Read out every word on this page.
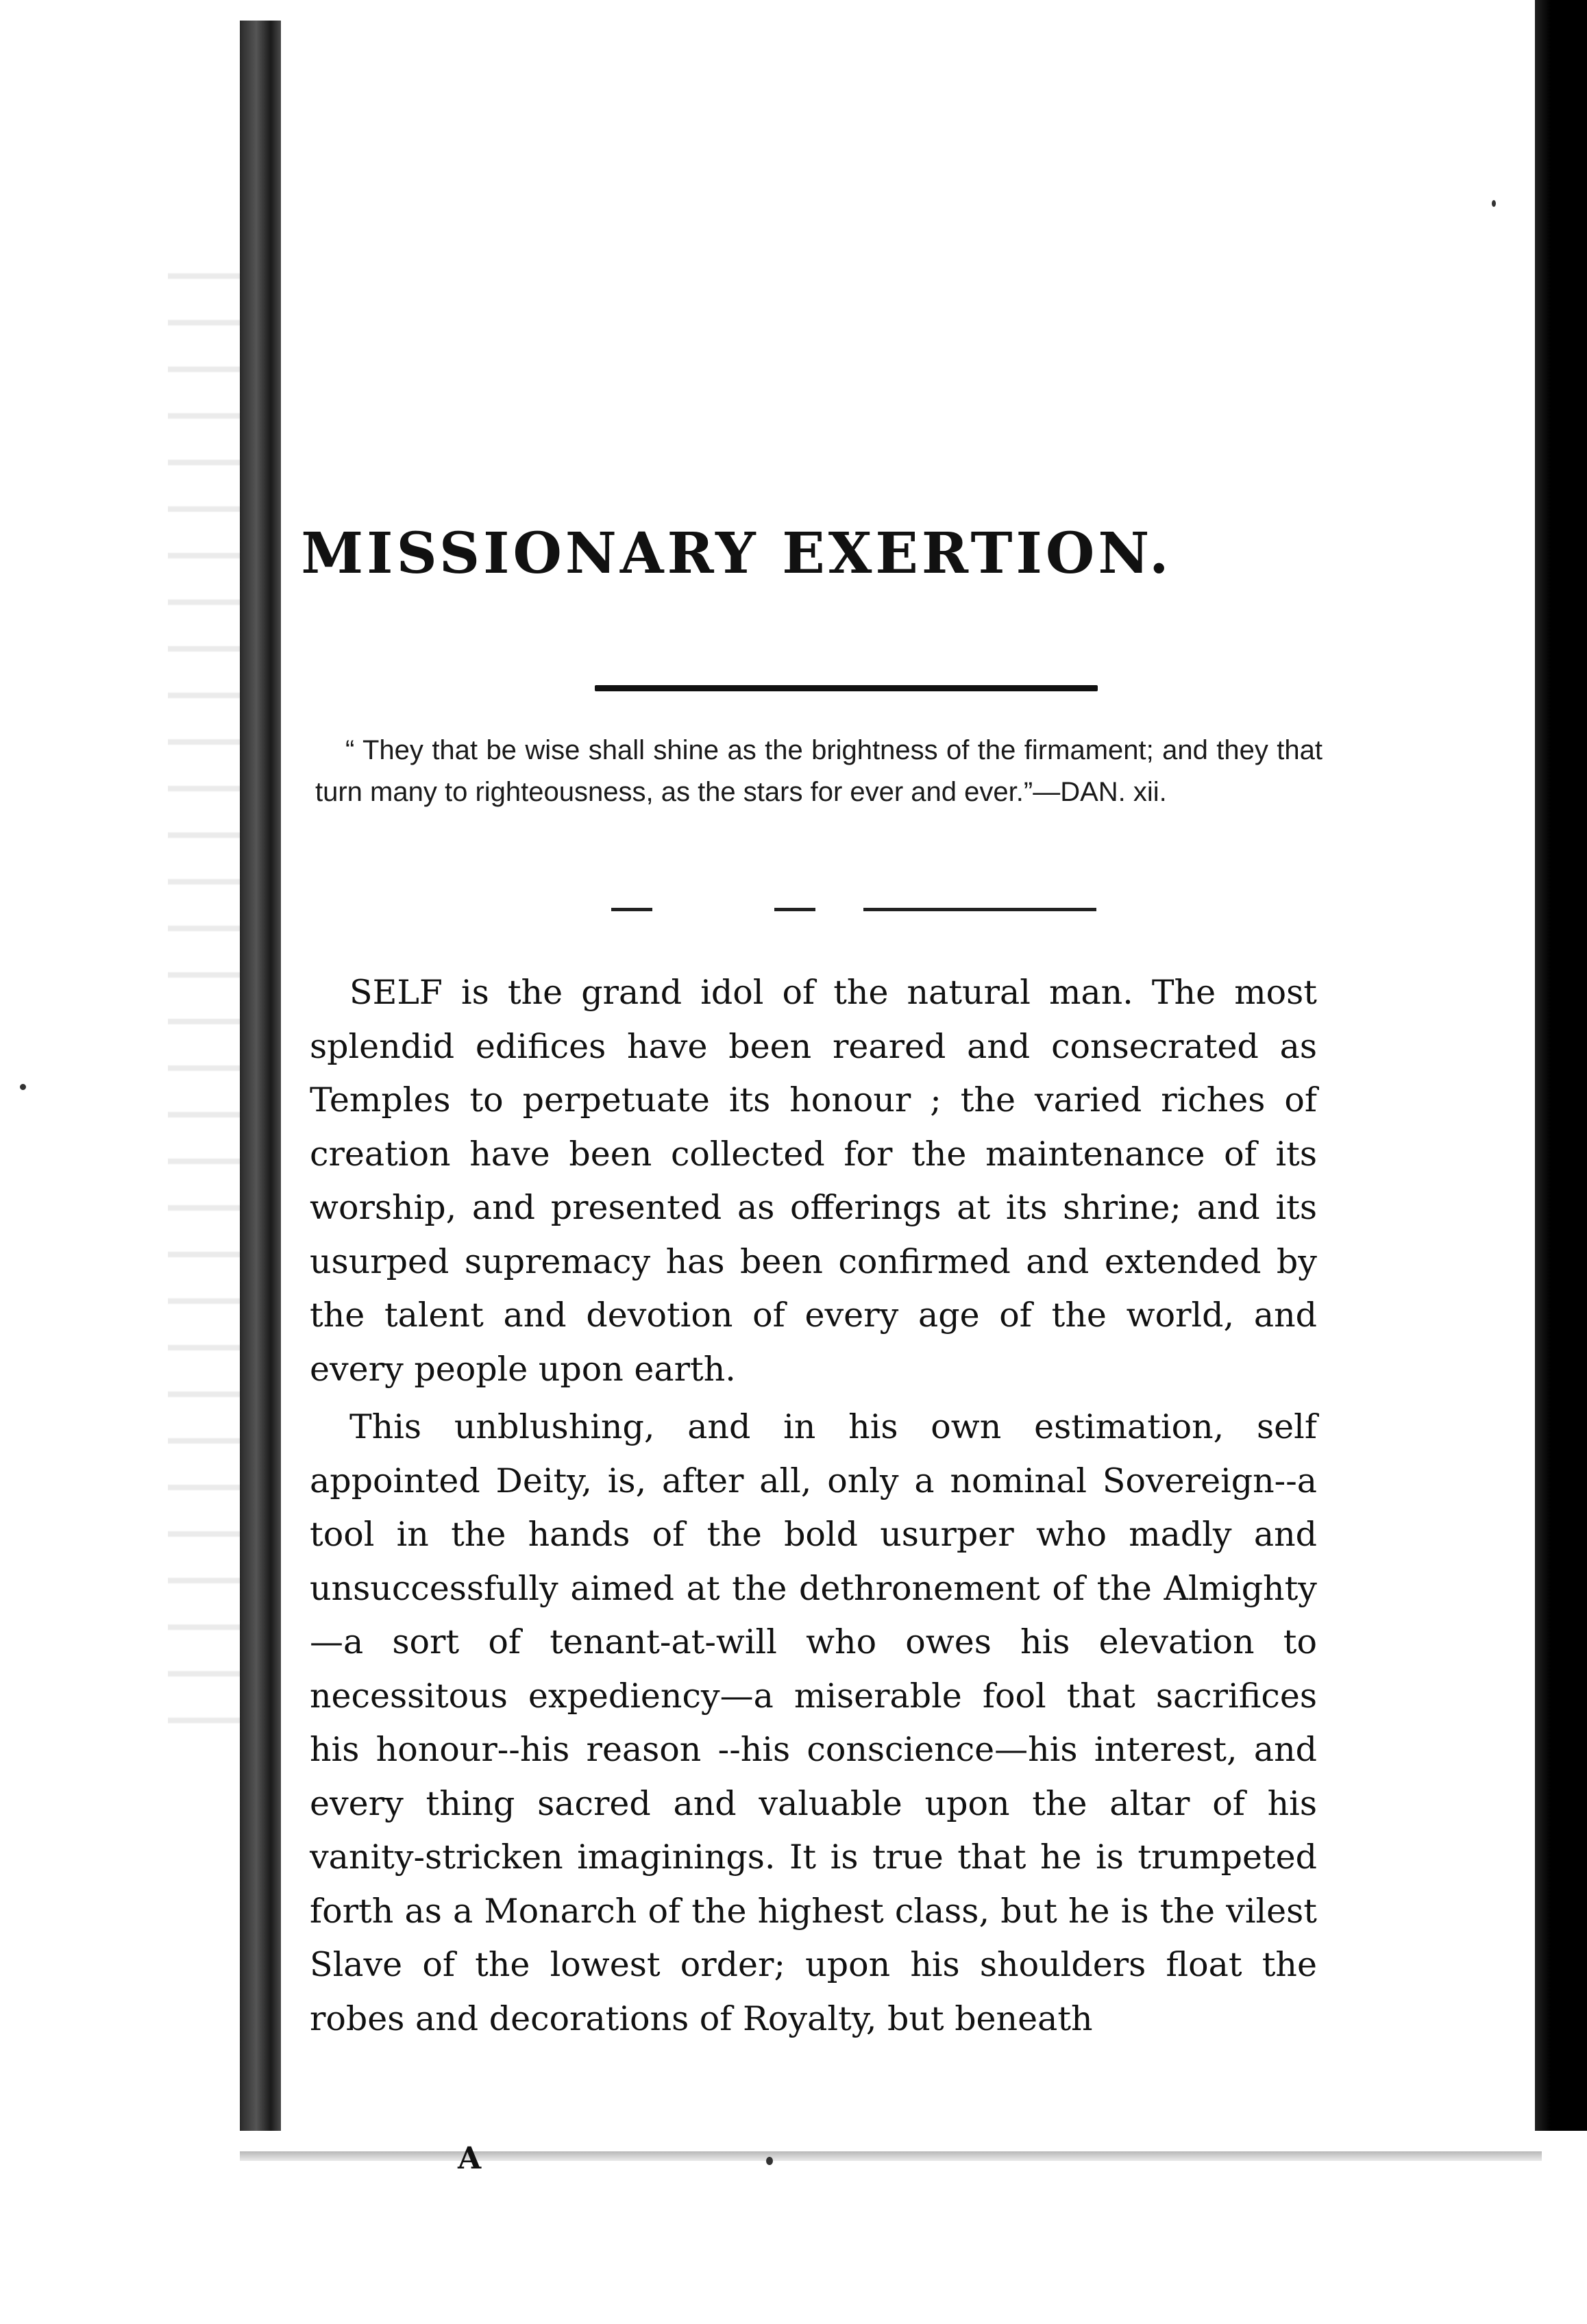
MISSIONARY EXERTION.
“ They that be wise shall shine as the brightness of the firmament; and they that turn many to righteousness, as the stars for ever and ever.”—DAN. xii.

SELF is the grand idol of the natural man. The most splendid edifices have been reared and consecrated as Temples to perpetuate its honour ; the varied riches of creation have been collected for the maintenance of its worship, and presented as offerings at its shrine; and its usurped supremacy has been confirmed and extended by the talent and devotion of every age of the world, and every people upon earth.

This unblushing, and in his own estimation, self appointed Deity, is, after all, only a nominal Sovereign--a tool in the hands of the bold usurper who madly and unsuccessfully aimed at the dethronement of the Almighty—a sort of tenant-at-will who owes his elevation to necessitous expediency—a miserable fool that sacrifices his honour--his reason --his conscience—his interest, and every thing sacred and valuable upon the altar of his vanity-stricken imaginings. It is true that he is trumpeted forth as a Monarch of the highest class, but he is the vilest Slave of the lowest order; upon his shoulders float the robes and decorations of Royalty, but beneath

A
